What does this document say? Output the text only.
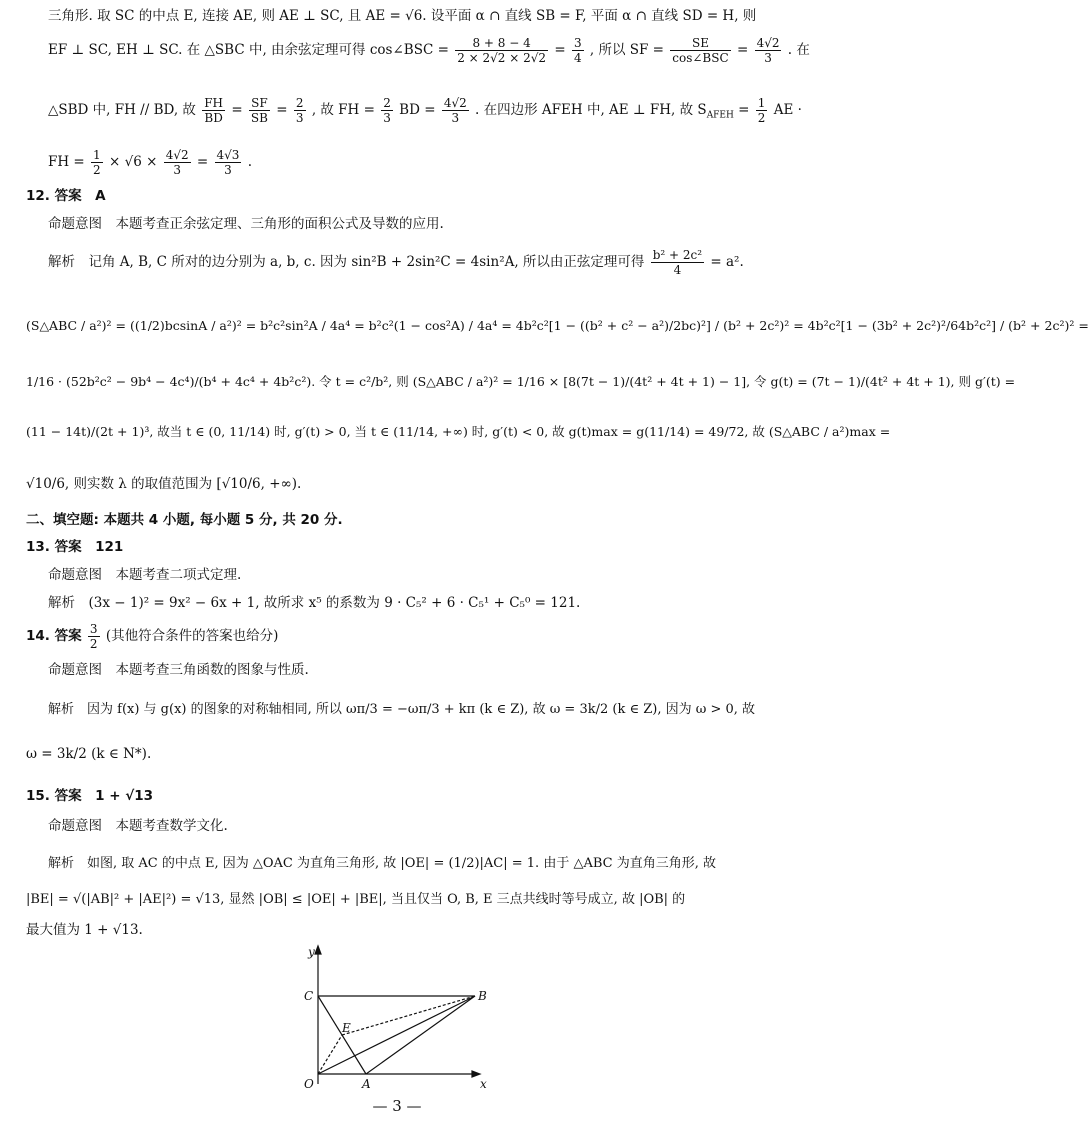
三角形. 取 SC 的中点 E, 连接 AE, 则 AE ⊥ SC, 且 AE = √6. 设平面 α ∩ 直线 SB = F, 平面 α ∩ 直线 SD = H, 则
EF ⊥ SC, EH ⊥ SC. 在 △SBC 中, 由余弦定理可得 cos∠BSC = $\frac{8 + 8 - 4}{2 \times 2√2 \times 2√2} = \frac{3}{4}$ , 所以 SF = $\frac{SE}{\text{cos∠BSC}} = \frac{4√2}{3}$ . 在
△SBD 中, FH // BD, 故 $\frac{FH}{BD} = \frac{SF}{SB} = \frac{2}{3}$ , 故 FH = $\frac{2}{3}$ BD = $\frac{4√2}{3}$ . 在四边形 AFEH 中, AE ⊥ FH, 故 $S_{AFEH} = \frac{1}{2}$ AE ·
FH = $\frac{1}{2} \times √6 \times \frac{4√2}{3} = \frac{4√3}{3}$ .
12. 答案　A
命题意图　本题考查正余弦定理、三角形的面积公式及导数的应用.
解析　记角 A, B, C 所对的边分别为 a, b, c. 因为 sin²B + 2sin²C = 4sin²A, 所以由正弦定理可得 $\frac{\text{b² + 2c²}}{4} = a^2$.
(S△ABC / a²)² = ((1/2)bcsinA / a²)² = b²c²sin²A / 4a⁴ = b²c²(1 − cos²A) / 4a⁴ = 4b²c²[1 − ((b² + c² − a²)/2bc)²] / (b² + 2c²)² = 4b²c²[1 − (3b² + 2c²)²/64b²c²] / (b² + 2c²)² =
1/16 · (52b²c² − 9b⁴ − 4c⁴)/(b⁴ + 4c⁴ + 4b²c²). 令 t = c²/b², 则 (S△ABC / a²)² = 1/16 × [8(7t − 1)/(4t² + 4t + 1) − 1], 令 g(t) = (7t − 1)/(4t² + 4t + 1), 则 g′(t) =
(11 − 14t)/(2t + 1)³, 故当 t ∈ (0, 11/14) 时, g′(t) > 0, 当 t ∈ (11/14, +∞) 时, g′(t) < 0, 故 g(t)max = g(11/14) = 49/72, 故 (S△ABC / a²)max =
√10/6, 则实数 λ 的取值范围为 [√10/6, +∞).
二、填空题: 本题共 4 小题, 每小题 5 分, 共 20 分.
13. 答案　121
命题意图　本题考查二项式定理.
解析　(3x − 1)² = 9x² − 6x + 1, 故所求 x⁵ 的系数为 9 · C₅² + 6 · C₅¹ + C₅⁰ = 121.
14. 答案 $\frac{3}{2}$ (其他符合条件的答案也给分)
命题意图　本题考查三角函数的图象与性质.
解析　因为 f(x) 与 g(x) 的图象的对称轴相同, 所以 ωπ/3 = −ωπ/3 + kπ (k ∈ Z), 故 ω = 3k/2 (k ∈ Z), 因为 ω > 0, 故
ω = 3k/2 (k ∈ N*).
15. 答案　1 + √13
命题意图　本题考查数学文化.
解析　如图, 取 AC 的中点 E, 因为 △OAC 为直角三角形, 故 |OE| = (1/2)|AC| = 1. 由于 △ABC 为直角三角形, 故
|BE| = √(|AB|² + |AE|²) = √13, 显然 |OB| ≤ |OE| + |BE|, 当且仅当 O, B, E 三点共线时等号成立, 故 |OB| 的
最大值为 1 + √13.
y
x
C	B
E
O	A
— 3 —
